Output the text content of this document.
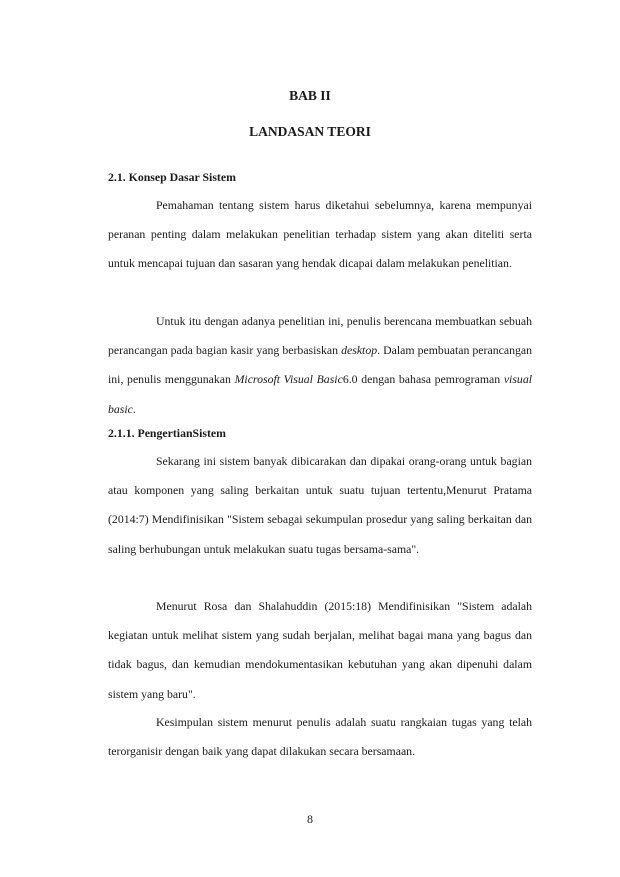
BAB II
LANDASAN TEORI
2.1. Konsep Dasar Sistem
Pemahaman tentang sistem harus diketahui sebelumnya, karena mempunyai peranan penting dalam melakukan penelitian terhadap sistem yang akan diteliti serta untuk mencapai tujuan dan sasaran yang hendak dicapai dalam melakukan penelitian.
Untuk itu dengan adanya penelitian ini, penulis berencana membuatkan sebuah perancangan pada bagian kasir yang berbasiskan desktop. Dalam pembuatan perancangan ini, penulis menggunakan Microsoft Visual Basic6.0 dengan bahasa pemrograman visual basic.
2.1.1. PengertianSistem
Sekarang ini sistem banyak dibicarakan dan dipakai orang-orang untuk bagian atau komponen yang saling berkaitan untuk suatu tujuan tertentu,Menurut Pratama (2014:7) Mendifinisikan "Sistem sebagai sekumpulan prosedur yang saling berkaitan dan saling berhubungan untuk melakukan suatu tugas bersama-sama".
Menurut Rosa dan Shalahuddin (2015:18) Mendifinisikan "Sistem adalah kegiatan untuk melihat sistem yang sudah berjalan, melihat bagai mana yang bagus dan tidak bagus, dan kemudian mendokumentasikan kebutuhan yang akan dipenuhi dalam sistem yang baru".
Kesimpulan sistem menurut penulis adalah suatu rangkaian tugas yang telah terorganisir dengan baik yang dapat dilakukan secara bersamaan.
8
